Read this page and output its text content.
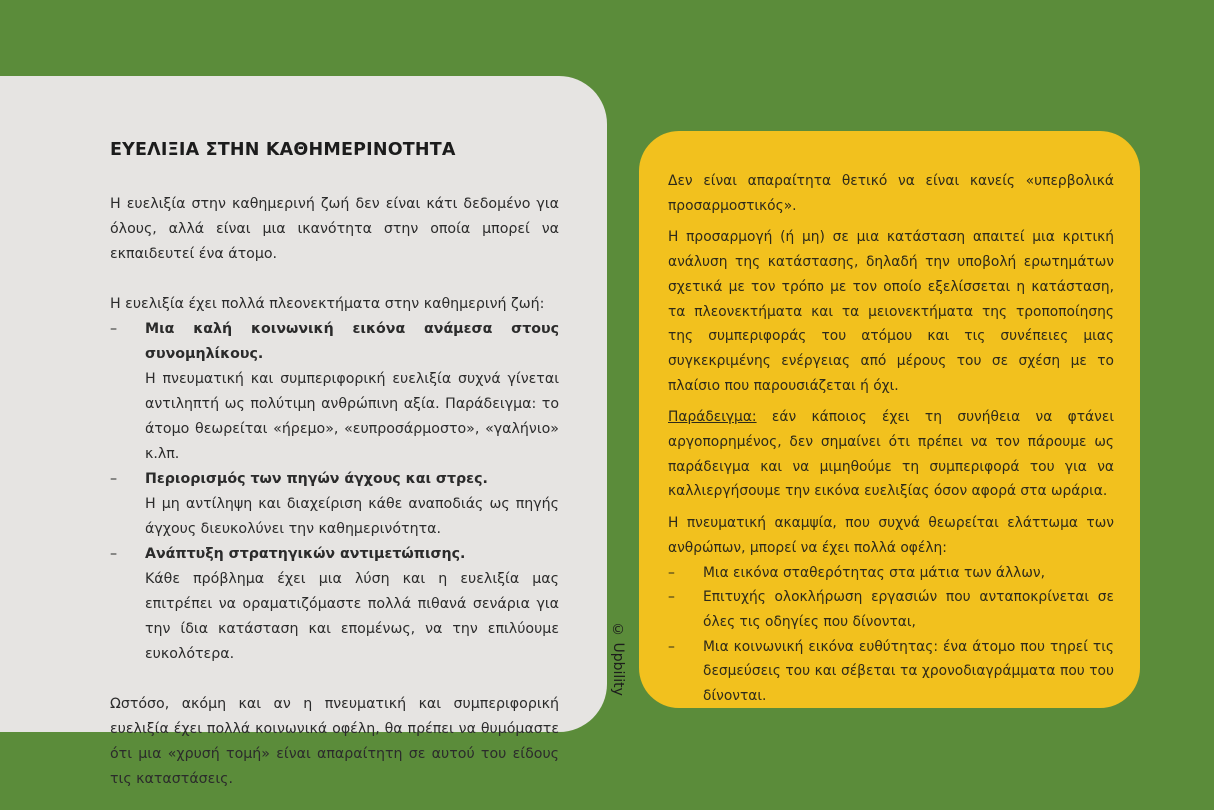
ΕΥΕΛΙΞΙΑ ΣΤΗΝ ΚΑΘΗΜΕΡΙΝΟΤΗΤΑ

Η ευελιξία στην καθημερινή ζωή δεν είναι κάτι δεδομένο για όλους, αλλά είναι μια ικανότητα στην οποία μπορεί να εκπαιδευτεί ένα άτομο.

Η ευελιξία έχει πολλά πλεονεκτήματα στην καθημερινή ζωή:

– Μια καλή κοινωνική εικόνα ανάμεσα στους συνομηλίκους.
Η πνευματική και συμπεριφορική ευελιξία συχνά γίνεται αντιληπτή ως πολύτιμη ανθρώπινη αξία. Παράδειγμα: το άτομο θεωρείται «ήρεμο», «ευπροσάρμοστο», «γαλήνιο» κ.λπ.
– Περιορισμός των πηγών άγχους και στρες.
Η μη αντίληψη και διαχείριση κάθε αναποδιάς ως πηγής άγχους διευκολύνει την καθημερινότητα.
– Ανάπτυξη στρατηγικών αντιμετώπισης.
Κάθε πρόβλημα έχει μια λύση και η ευελιξία μας επιτρέπει να οραματιζόμαστε πολλά πιθανά σενάρια για την ίδια κατάσταση και επομένως, να την επιλύουμε ευκολότερα.

Ωστόσο, ακόμη και αν η πνευματική και συμπεριφορική ευελιξία έχει πολλά κοινωνικά οφέλη, θα πρέπει να θυμόμαστε ότι μια «χρυσή τομή» είναι απαραίτητη σε αυτού του είδους τις καταστάσεις.

© Upbility

Δεν είναι απαραίτητα θετικό να είναι κανείς «υπερβολικά προσαρμοστικός».

Η προσαρμογή (ή μη) σε μια κατάσταση απαιτεί μια κριτική ανάλυση της κατάστασης, δηλαδή την υποβολή ερωτημάτων σχετικά με τον τρόπο με τον οποίο εξελίσσεται η κατάσταση, τα πλεονεκτήματα και τα μειονεκτήματα της τροποποίησης της συμπεριφοράς του ατόμου και τις συνέπειες μιας συγκεκριμένης ενέργειας από μέρους του σε σχέση με το πλαίσιο που παρουσιάζεται ή όχι.

Παράδειγμα: εάν κάποιος έχει τη συνήθεια να φτάνει αργοπορημένος, δεν σημαίνει ότι πρέπει να τον πάρουμε ως παράδειγμα και να μιμηθούμε τη συμπεριφορά του για να καλλιεργήσουμε την εικόνα ευελιξίας όσον αφορά στα ωράρια.

Η πνευματική ακαμψία, που συχνά θεωρείται ελάττωμα των ανθρώπων, μπορεί να έχει πολλά οφέλη:

– Μια εικόνα σταθερότητας στα μάτια των άλλων,
– Επιτυχής ολοκλήρωση εργασιών που ανταποκρίνεται σε όλες τις οδηγίες που δίνονται,
– Μια κοινωνική εικόνα ευθύτητας: ένα άτομο που τηρεί τις δεσμεύσεις του και σέβεται τα χρονοδιαγράμματα που του δίνονται.
